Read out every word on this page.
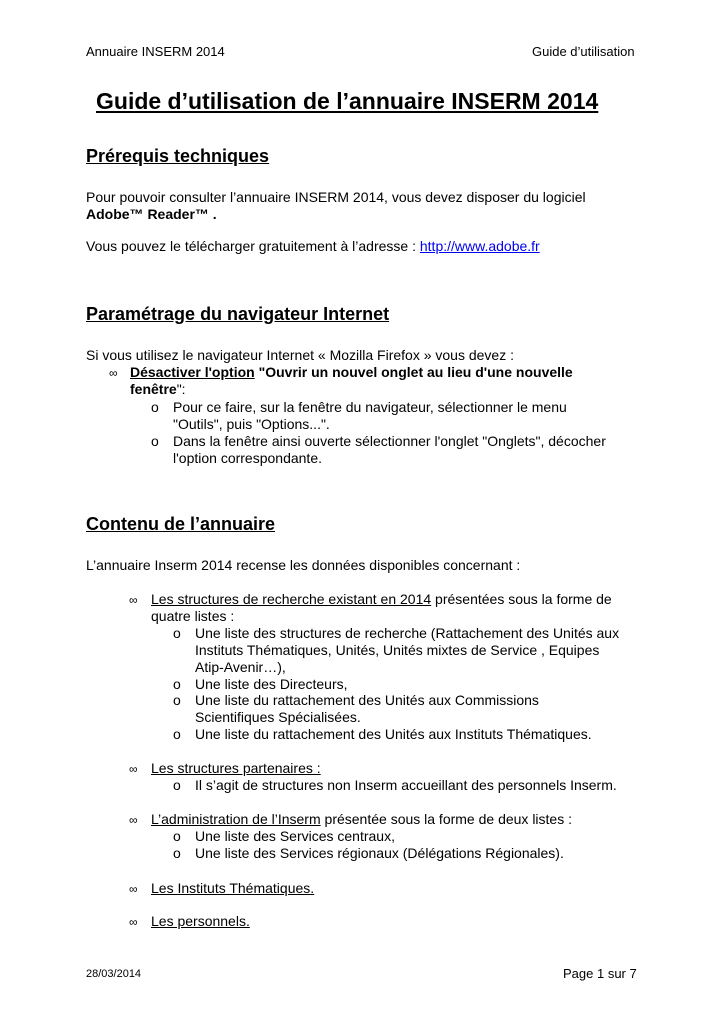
Annuaire INSERM 2014	Guide d’utilisation
Guide d’utilisation de l’annuaire INSERM 2014
Prérequis techniques
Pour pouvoir consulter l’annuaire INSERM 2014, vous devez disposer du logiciel
Adobe™ Reader™ .
Vous pouvez le télécharger gratuitement à l’adresse : http://www.adobe.fr
Paramétrage du navigateur Internet
Si vous utilisez le navigateur Internet « Mozilla Firefox » vous devez :
∞ Désactiver l'option "Ouvrir un nouvel onglet au lieu d'une nouvelle
fenêtre":
o Pour ce faire, sur la fenêtre du navigateur, sélectionner le menu
"Outils", puis "Options...".
o Dans la fenêtre ainsi ouverte sélectionner l'onglet "Onglets", décocher
l'option correspondante.
Contenu de l’annuaire
L’annuaire Inserm 2014 recense les données disponibles concernant :
∞ Les structures de recherche existant en 2014 présentées sous la forme de
quatre listes :
o Une liste des structures de recherche (Rattachement des Unités aux
Instituts Thématiques, Unités, Unités mixtes de Service , Equipes
Atip-Avenir…),
o Une liste des Directeurs,
o Une liste du rattachement des Unités aux Commissions
Scientifiques Spécialisées.
o Une liste du rattachement des Unités aux Instituts Thématiques.
∞ Les structures partenaires :
o Il s’agit de structures non Inserm accueillant des personnels Inserm.
∞ L’administration de l’Inserm présentée sous la forme de deux listes :
o Une liste des Services centraux,
o Une liste des Services régionaux (Délégations Régionales).
∞ Les Instituts Thématiques.
∞ Les personnels.
28/03/2014	Page 1 sur 7
